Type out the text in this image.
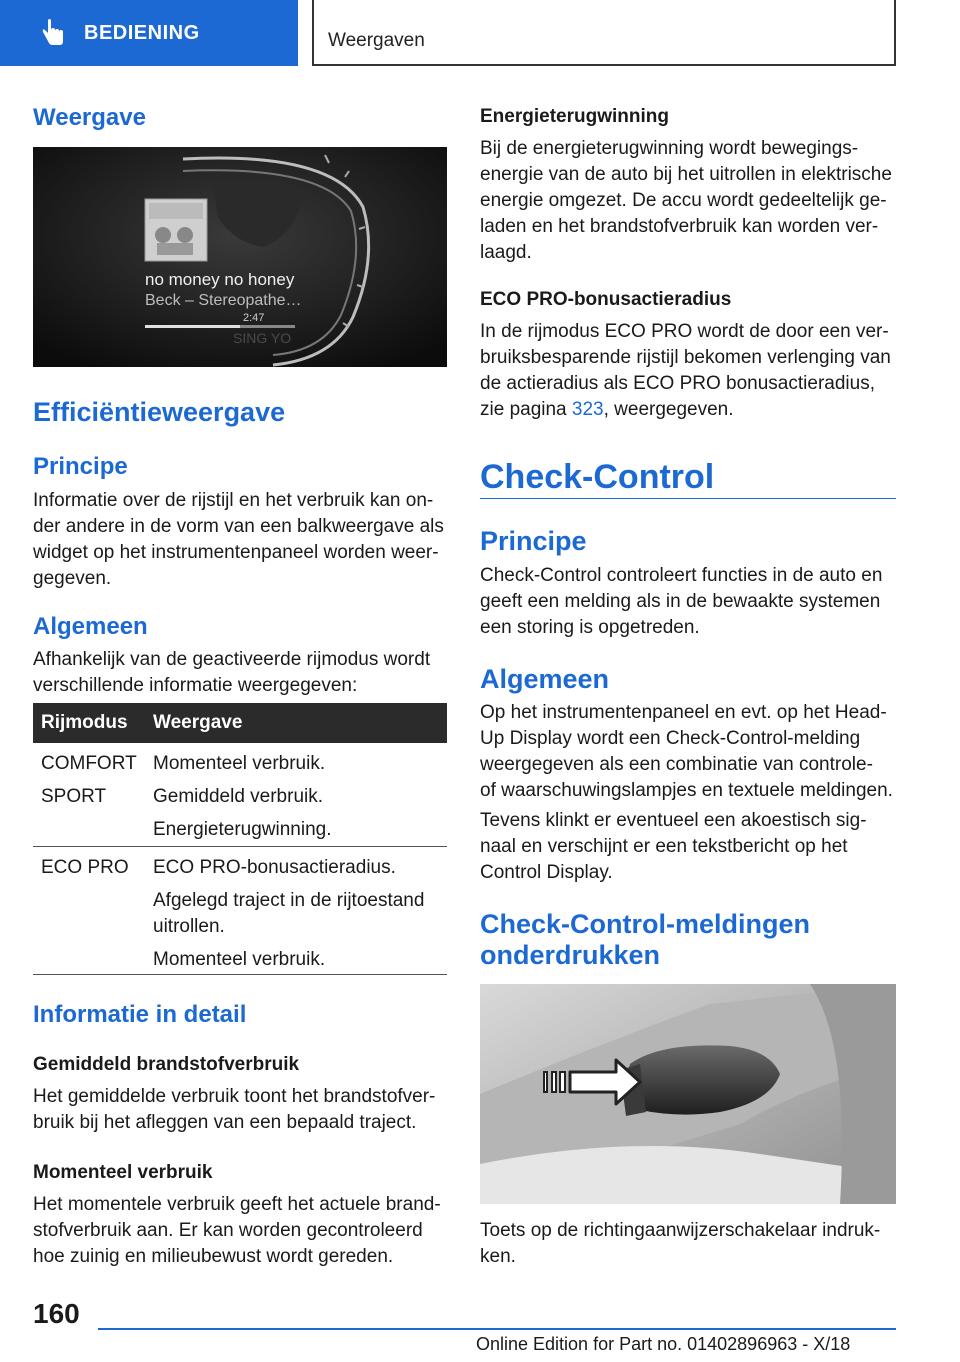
BEDIENING	Weergaven
Weergave
no money no honey
Beck – Stereopathe…
2:47
SING YO
Efficiëntieweergave
Principe
Informatie over de rijstijl en het verbruik kan on-
der andere in de vorm van een balkweergave als
widget op het instrumentenpaneel worden weer-
gegeven.
Algemeen
Afhankelijk van de geactiveerde rijmodus wordt
verschillende informatie weergegeven:
Rijmodus Weergave
COMFORT
SPORT
Momenteel verbruik.
Gemiddeld verbruik.
Energieterugwinning.
ECO PRO ECO PRO-bonusactieradius.
Afgelegd traject in de rijtoestand
uitrollen.
Momenteel verbruik.
Informatie in detail
Gemiddeld brandstofverbruik
Het gemiddelde verbruik toont het brandstofver-
bruik bij het afleggen van een bepaald traject.
Momenteel verbruik
Het momentele verbruik geeft het actuele brand-
stofverbruik aan. Er kan worden gecontroleerd
hoe zuinig en milieubewust wordt gereden.
Energieterugwinning
Bij de energieterugwinning wordt bewegings-
energie van de auto bij het uitrollen in elektrische
energie omgezet. De accu wordt gedeeltelijk ge-
laden en het brandstofverbruik kan worden ver-
laagd.
ECO PRO-bonusactieradius
In de rijmodus ECO PRO wordt de door een ver-
bruiksbesparende rijstijl bekomen verlenging van
de actieradius als ECO PRO bonusactieradius,
zie pagina 323, weergegeven.
Check-Control
Principe
Check-Control controleert functies in de auto en
geeft een melding als in de bewaakte systemen
een storing is opgetreden.
Algemeen
Op het instrumentenpaneel en evt. op het Head-
Up Display wordt een Check-Control-melding
weergegeven als een combinatie van controle-
of waarschuwingslampjes en textuele meldingen.
Tevens klinkt er eventueel een akoestisch sig-
naal en verschijnt er een tekstbericht op het
Control Display.
Check-Control-meldingen
onderdrukken
Toets op de richtingaanwijzerschakelaar indruk-
ken.
160
Online Edition for Part no. 01402896963 - X/18
